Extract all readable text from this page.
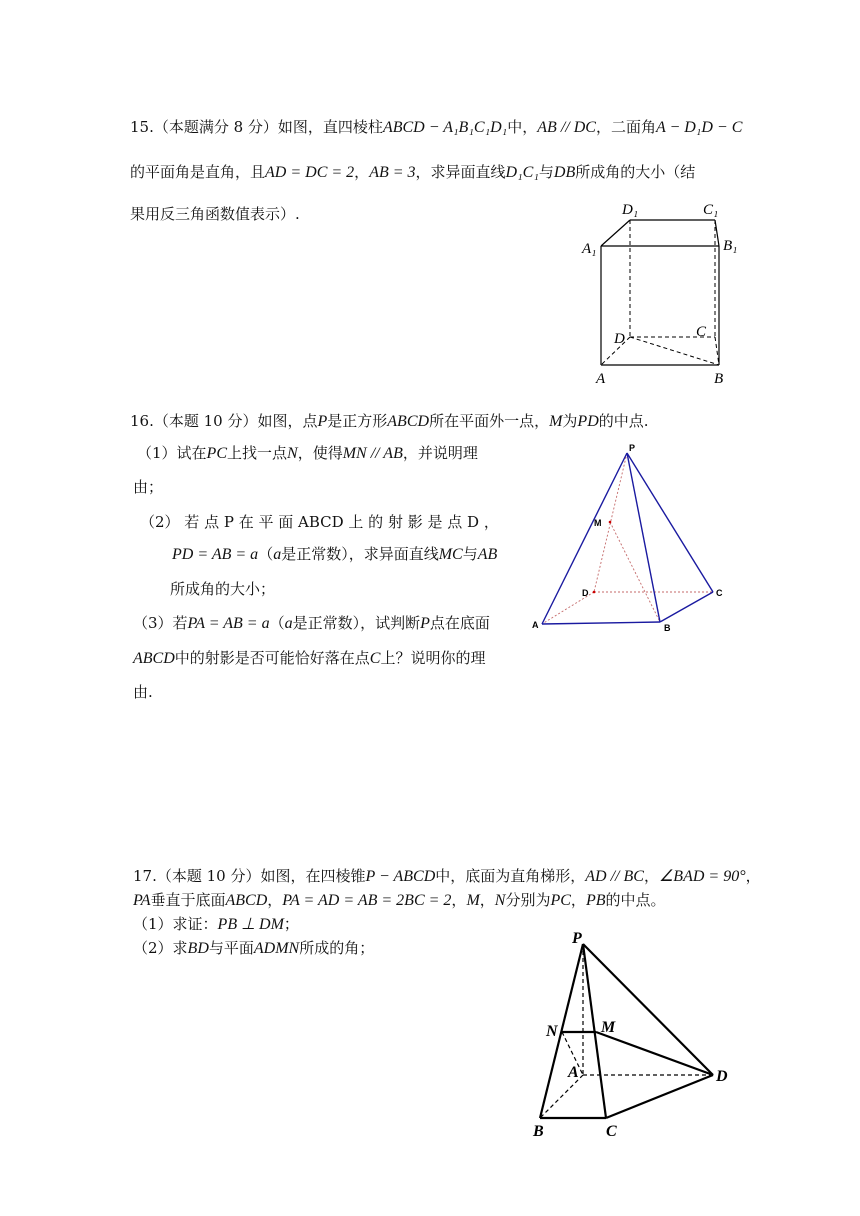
15.（本题满分 8 分）如图，直四棱柱ABCD − A₁B₁C₁D₁中，AB // DC，二面角A − D₁D − C
的平面角是直角，且AD = DC = 2，AB = 3，求异面直线D₁C₁与DB所成角的大小（结
果用反三角函数值表示）.	D₁	C₁
A₁	B₁
D	C
A	B
16.（本题 10 分）如图，点P是正方形ABCD所在平面外一点，M为PD的中点.
（1）试在PC上找一点N，使得MN // AB，并说明理
由；
（2） 若 点 P 在 平 面 ABCD 上 的 射 影 是 点 D ，
PD = AB = a（a是正常数），求异面直线MC与AB
所成角的大小；
（3）若PA = AB = a（a是正常数），试判断P点在底面
ABCD中的射影是否可能恰好落在点C上？说明你的理
由.
P
M
D	C
A	B
17.（本题 10 分）如图，在四棱锥P − ABCD中，底面为直角梯形，AD // BC，∠BAD = 90°，
PA垂直于底面ABCD，PA = AD = AB = 2BC = 2，M，N分别为PC，PB的中点。
（1）求证：PB ⊥ DM；
（2）求BD与平面ADMN所成的角；
P
N	M
A	D
B	C
